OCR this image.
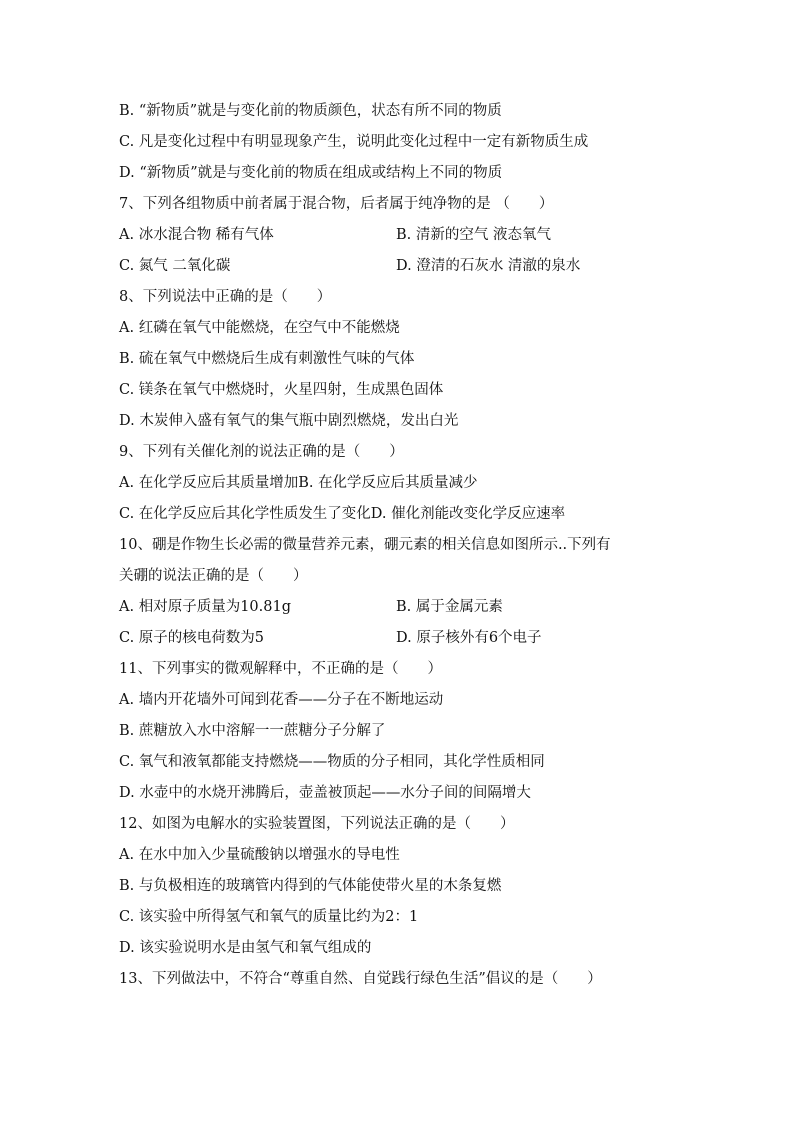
B. “新物质”就是与变化前的物质颜色，状态有所不同的物质
C. 凡是变化过程中有明显现象产生，说明此变化过程中一定有新物质生成
D. “新物质”就是与变化前的物质在组成或结构上不同的物质
7、下列各组物质中前者属于混合物，后者属于纯净物的是 （　　）
A. 冰水混合物 稀有气体	B. 清新的空气 液态氧气
C. 氮气 二氧化碳	D. 澄清的石灰水 清澈的泉水
8、下列说法中正确的是（　　）
A. 红磷在氧气中能燃烧，在空气中不能燃烧
B. 硫在氧气中燃烧后生成有刺激性气味的气体
C. 镁条在氧气中燃烧时，火星四射，生成黑色固体
D. 木炭伸入盛有氧气的集气瓶中剧烈燃烧，发出白光
9、下列有关催化剂的说法正确的是（　　）
A. 在化学反应后其质量增加B. 在化学反应后其质量减少
C. 在化学反应后其化学性质发生了变化D. 催化剂能改变化学反应速率
10、硼是作物生长必需的微量营养元素，硼元素的相关信息如图所示..下列有
关硼的说法正确的是（　　）
A. 相对原子质量为10.81g	B. 属于金属元素
C. 原子的核电荷数为5	D. 原子核外有6个电子
11、下列事实的微观解释中，不正确的是（　　）
A. 墙内开花墙外可闻到花香——分子在不断地运动
B. 蔗糖放入水中溶解一一蔗糖分子分解了
C. 氧气和液氧都能支持燃烧——物质的分子相同，其化学性质相同
D. 水壶中的水烧开沸腾后，壶盖被顶起——水分子间的间隔增大
12、如图为电解水的实验装置图，下列说法正确的是（　　）
A. 在水中加入少量硫酸钠以增强水的导电性
B. 与负极相连的玻璃管内得到的气体能使带火星的木条复燃
C. 该实验中所得氢气和氧气的质量比约为2：1
D. 该实验说明水是由氢气和氧气组成的
13、下列做法中，不符合“尊重自然、自觉践行绿色生活”倡议的是（　　）
